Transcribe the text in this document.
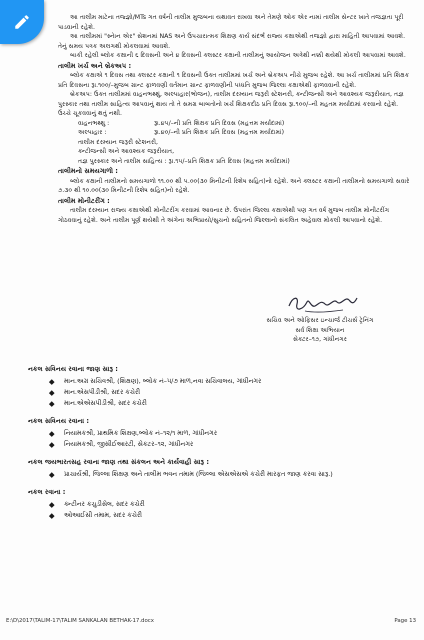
આ તાલીમ માટેના તજ્જ્ઞો/MTs ગત વર્ષની તાલીમ મુજબના યથાવત રાખવા અને તેમણે ઓક એર નામાં તાલીમ સેન્ટર ખાતે તજજ્ઞતા પૂરી પાડવાની રહેશે.

આ તાલીમમાં "સ્નેાન એર" સેશનમાં NAS અને ઉપચારાત્મક શિક્ષણ કાર્ય સંદર્ભ રાજ્ય કક્ષાએથી તજજ્ઞો દ્વારા માહિતી આપવામાં આવશે. તેનું સમય પત્રક અલગથી મોકલવામાં આવશે.

બાકી રહેલી બ્લોક કક્ષાની ૬ દિવસની અને ૪ દિવસની ક્લસ્ટર કક્ષાની તાલીમનું આયોજન અત્રેથી નક્કી થયેથી મોકલી આપવામાં આવશે.

તાલીમ ખર્ચ અને બ્રેકઅપ :

બ્લોક કક્ષાએ ૧ દિવસ તથા ક્લસ્ટર કક્ષાની ૧ દિવસની ઉક્ત તાલીમમાં ખર્ચ અને બ્રેકઅપ નીચે મુજબ રહેશે. આ ખર્ચ તાલીમમાં પ્રતિ શિક્ષક પ્રતિ દિવસના રૂા.૧૦૦/–મુજબ ગ્રાન્ટ ફાળવણી વર્તમાન ગ્રાન્ટ ફાળવણીની પધ્ધતિ મુજબ જિલ્લા કક્ષાએથી ફાળવવાની રહેશે.

બ્રેકઅપ: ઉક્ત તાલીમમાં વાહનભથ્થું, અલ્પાહાર(ભોજન), તાલીમ દરમ્યાન જરૂરી સ્ટેશનરી, ક્ન્ટીજન્સી અને આવશ્યક જરૂરીયાત, તજ્ઞ પુરસ્કાર તથા તાલીમ સાહિત્ય આપવાનું થાય તો તે સમગ્ર બાબતોનો ખર્ચ શિક્ષકદીઠ પ્રતિ દિવસ રૂા.૧૦૦/–ની મહતમ મર્યાદામાં કરવાનો રહેશે. ઉચ્ચે ચૂકવવાનું થતું નથી.

વાહનભથ્થુ :	રૂા.૪૫/–ની પ્રતિ શિક્ષક પ્રતિ દિવસ (મહત્તમ મર્યાદામાં)
અલ્પાહાર :	રૂા.૪૦/–ની પ્રતિ શિક્ષક પ્રતિ દિવસ (મહત્તમ મર્યાદામાં)
તાલીમ દરમ્યાન જરૂરી સ્ટેશનરી,
ક્ન્ટીજન્સી અને આવશ્યક જરૂરીયાત,
તજ્ઞ પુરસ્કાર અને તાલીમ સાહિત્ય : રૂા.૧૫/–પ્રતિ શિક્ષક પ્રતિ દિવસ (મહત્તમ મર્યાદામાં)
તાલીમનો સમયગાળો :

બ્લોક કક્ષાની તાલીમનો સમયગાળો ૧૧.૦૦ થી ૫.૦૦(૩૦ મિનીટની રિશેષ સહિત)નો રહેશે. અને ક્લસ્ટર કક્ષાની તાલીમનો સમયગાળો સવારે ૭.૩૦ થી ૧૦.૦૦(૩૦ મિનીટની રિશેષ સહિત)નો રહેશે.

તાલીમ મોનીટરીંગ :

તાલીમ દરમ્યાન રાજ્ય કક્ષાએથી મોનીટરીંગ કરવામાં આવનાર છે. ઉપરાંત જિલ્લા કક્ષાએથી પણ ગત વર્ષ મુજબ તાલીમ મોનીટરીંગ ગોઠવવાનું રહેશે. અને તાલીમ પૂર્ણ થયેથી તે અંગેના અભિપ્રાયો/સુચનો સહિતનો જિલ્લાનો સંકલિત અહેવાલ મોકલી આપવાનો રહેશે.

સચિવ અને ઓફિસર ઇન્ચાર્જ ટીચર્સ ટ્રેનિંગ
સર્વ શિક્ષા અભિયાન
સેક્ટર–૧૭, ગાંધીનગર
નકલ સવિનય રવાના જાણ સારૂ :
માન.અગ્ર સચિવશ્રી, (શિક્ષણ), બ્લોક નં–૫/૭ માળ,નવા સચિવાલય, ગાંધીનગર
માન.એસપીડીશ્રી, સદર કચેરી
માન.એએસપીડીશ્રી, સદર કચેરી
નકલ સવિનય રવાના :
નિયામકશ્રી, પ્રાથમિક શિક્ષણ,બ્લોક નં–૧૨/૧ માળ, ગાંધીનગર
નિયામકશ્રી, જીસીઈઆરટી, સેકટર–૧૨, ગાંધીનગર
નકલ જયભારતસહ રવાના જાણ તથા સંકલન અને કાર્યવાહી સારૂ :
પ્રાચાર્યશ્રી, જિલ્લા શિક્ષણ અને તાલીમ ભવન તમામ (જિલ્લા એસએસએ કચેરી મારફત જાણ કરવા સારૂ.)
નકલ રવાના :
ક્ન્ટીનર કચુડીસેલ, સદર કચેરી
ઓઆઈસી તમામ, સદર કચેરી
E:\D\2017\TALIM-17\TALIM SANKALAN BETHAK-17.docx	Page 13
